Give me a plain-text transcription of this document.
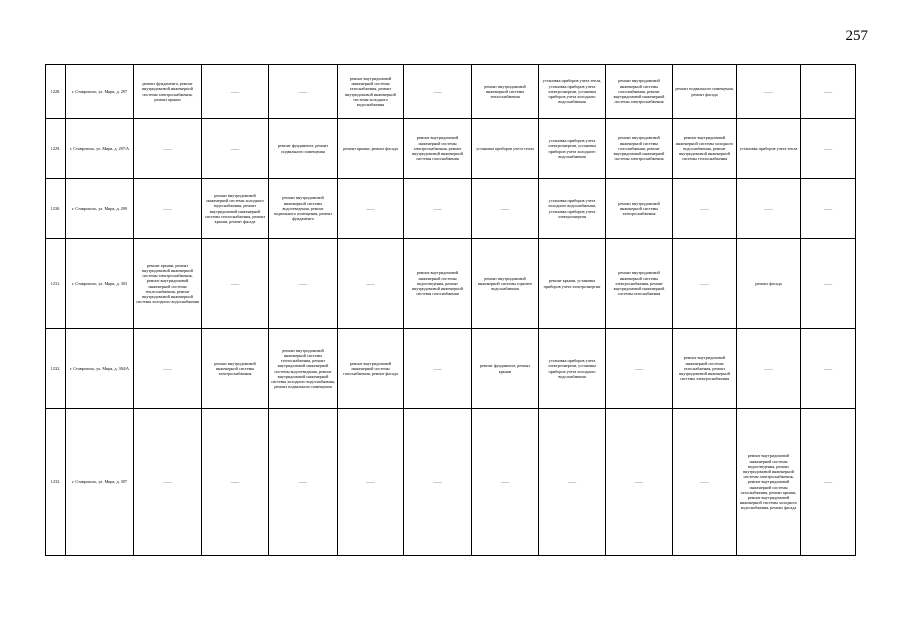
257
1228.	г. Ставрополь, ул. Мира, д. 297	ремонт фундамента, ремонт внутридомовой инженерной системы электроснабжения, ремонт крыши	——	——	ремонт внутридомовой инженерной системы газоснабжения, ремонт внутридомовой инженерной системы холодного водоснабжения	——	ремонт внутридомовой инженерной системы теплоснабжения	установка приборов учета тепла, установка приборов учета электроэнергии, установка приборов учета холодного водоснабжения	ремонт внутридомовой инженерной системы газоснабжения, ремонт внутридомовой инженерной системы электроснабжения	ремонт подвального помещения, ремонт фасада	——	——
1229.	г. Ставрополь, ул. Мира, д. 297/А	——	——	ремонт фундамента, ремонт подвального помещения	ремонт крыши, ремонт фасада	ремонт внутридомовой инженерной системы электроснабжения, ремонт внутридомовой инженерной системы газоснабжения	установка приборов учета тепла	установка приборов учета электроэнергии, установка приборов учета холодного водоснабжения	ремонт внутридомовой инженерной системы газоснабжения, ремонт внутридомовой инженерной системы электроснабжения	ремонт внутридомовой инженерной системы холодного водоснабжения, ремонт внутридомовой инженерной системы теплоснабжения	установка приборов учета тепла	——
1230.	г. Ставрополь, ул. Мира, д. 299	——	ремонт внутридомовой инженерной системы холодного водоснабжения, ремонт внутридомовой инженерной системы теплоснабжения, ремонт крыши, ремонт фасада	ремонт внутридомовой инженерной системы водоотведения, ремонт подвального помещения, ремонт фундамента	——	——	——	установка приборов учета холодного водоснабжения, установка приборов учета электроэнергии	ремонт внутридомовой инженерной системы электроснабжения	——	——	——
1231.	г. Ставрополь, ул. Мира, д. 303	ремонт крыши, ремонт внутридомовой инженерной системы электроснабжения, ремонт внутридомовой инженерной системы теплоснабжения, ремонт внутридомовой инженерной системы холодного водоснабжения	——	——	——	ремонт внутридомовой инженерной системы водоотведения, ремонт внутридомовой инженерной системы газоснабжения	ремонт внутридомовой инженерной системы горячего водоснабжения	ремонт крыши, установка приборов учета электроэнергии	ремонт внутридомовой инженерной системы электроснабжения, ремонт внутридомовой инженерной системы газоснабжения	——	ремонт фасада	——
1232.	г. Ставрополь, ул. Мира, д. 304/А	——	ремонт внутридомовой инженерной системы электроснабжения	ремонт внутридомовой инженерной системы теплоснабжения, ремонт внутридомовой инженерной системы водоотведения, ремонт внутридомовой инженерной системы холодного водоснабжения, ремонт подвального помещения	ремонт внутридомовой инженерной системы газоснабжения, ремонт фасада	——	ремонт фундамента, ремонт крыши	установка приборов учета электроэнергии, установка приборов учета холодного водоснабжения	——	ремонт внутридомовой инженерной системы газоснабжения, ремонт внутридомовой инженерной системы электроснабжения	——	——
1233.	г. Ставрополь, ул. Мира, д. 307	——	——	——	——	——	——	——	——	——	ремонт внутридомовой инженерной системы водоотведения, ремонт внутридомовой инженерной системы электроснабжения, ремонт внутридомовой инженерной системы газоснабжения, ремонт крыши, ремонт внутридомовой инженерной системы холодного водоснабжения, ремонт фасада	——
